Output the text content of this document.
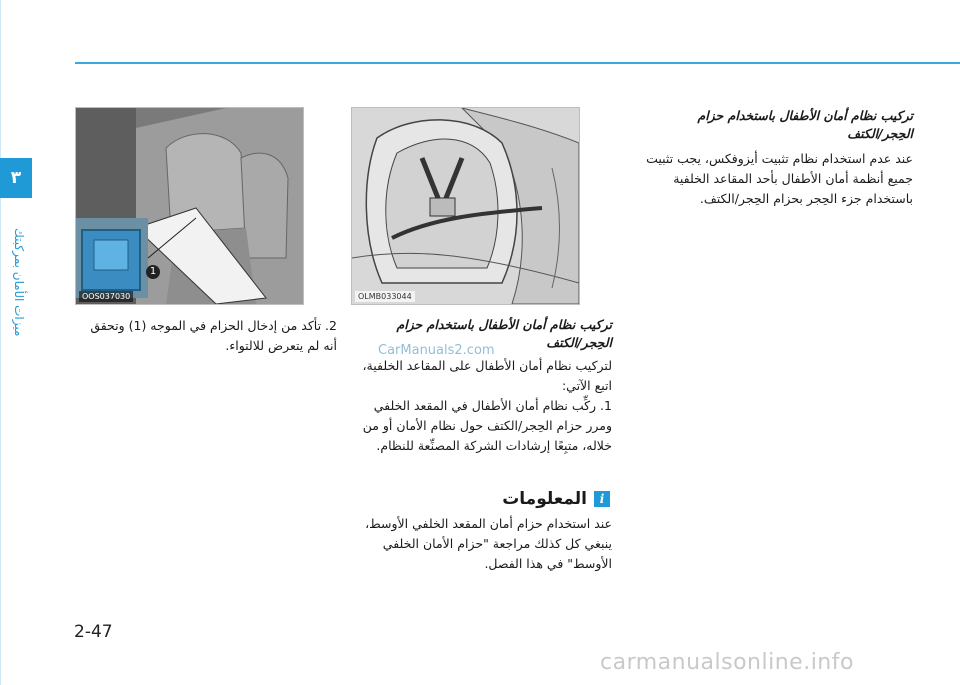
٣
ميزات الأمان بمركبتك

تركيب نظام أمان الأطفال باستخدام حزام

الحِجر/الكتف

عند عدم استخدام نظام تثبيت أيزوفكس، يجب تثبيت جميع أنظمة أمان الأطفال بأحد المقاعد الخلفية باستخدام جزء الحِجر بحزام الحِجر/الكتف.

OLMB033044

تركيب نظام أمان الأطفال باستخدام حزام

الحِجر/الكتف

لتركيب نظام أمان الأطفال على المقاعد الخلفية، اتبع الآتي:

1. ركِّب نظام أمان الأطفال في المقعد الخلفي ومرر حزام الحِجر/الكتف حول نظام الأمان أو من خلاله، متبِعًا إرشادات الشركة المصنِّعة للنظام.

CarManuals2.com
i
المعلومات

عند استخدام حزام أمان المقعد الخلفي الأوسط، ينبغي كل كذلك مراجعة "حزام الأمان الخلفي الأوسط" في هذا الفصل.

1
OOS037030

2. تأكد من إدخال الحزام في الموجه (1) وتحقق أنه لم يتعرض للالتواء.

2-47
carmanualsonline.info
